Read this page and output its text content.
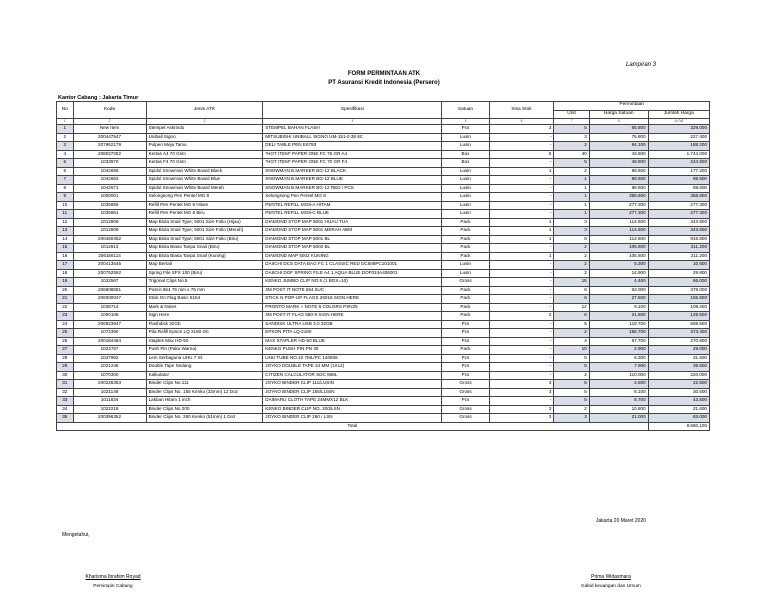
Lampiran 3
FORM PERMINTAAN ATK
PT Asuransi Kredit Indonesia (Persero)
Kantor Cabang : Jakarta Timur
No	Kode	Jenis ATK	Spesifikasi	Satuan	Sisa Stok	Permintaan		
						Unit	Harga Satuan	Jumlah Harga
1	2	3	4	5	6	7	8	9=7x8
1	New Item	Stempel Askrindo	STEMPEL BAHAN FLASH	Pcs	3	5	65.800	329.000
2	200447547	Uniball Signo	MITSUBISHI UNIBALL SIGNO UM-151-0.38 6C	Lusin	-	3	75.800	227.400
3	207962179	Pulpen Meja Tamu	DELI TABLE PEN E6793	Lusin	-	2	94.100	188.200
4	208027052	Kertas A4 70 Gsm	*HOT ITEM* PAPER ONE FC 75 GR A4	Box	5	40	43.600	1.744.000
5	1033970	Kertas F4 70 Gsm	*HOT ITEM* PAPER ONE FC 70 GR F4	Box	-	5	48.900	244.500
6	1042659	Spidol Snowman White Board Black	SNOWMAN B.MARKER BG-12 BLACK	Lusin	1	2	88.600	177.200
7	1042663	Spidol Snowman White Board Blue	SNOWMAN B.MARKER BG-12 BLUE	Lusin	-	1	88.600	88.600
8	1042671	Spidol Snowman White Board Merah	SNOWMAN B.MARKER BG-12 RED / PCS	Lusin	-	1	88.600	88.600
9	1000001	Selongsong Pen Pentel MG 8	Selongsong Pen Pentel MG 8	Lusin	-	1	358.600	358.600
10	1035859	Refill Pen Pentel MG 8 Hitam	PENTEL REFILL MG8-A HITAM	Lusin	-	1	277.300	277.300
11	1035861	Refill Pen Pentel MG 8 Biru	PENTEL REFILL MG8-C BLUE	Lusin	-	1	277.300	277.300
12	1012806	Map Biola Snail Type; 5001 Size Folio (Hijau)	DIAMOND STOP MAP 5001 HIJAU TUA	Pack	1	3	114.600	343.800
13	1012809	Map Biola Snail Type; 5001 Size Folio (Merah)	DIAMOND STOP MAP 5001 MERAH ABM	Pack	1	3	114.600	343.800
14	200460452	Map Biola Snail Type; 5001 Size Folio (Biru)	DIAMOND STOP MAP 5001 BL	Pack	1	8	114.600	916.800
15	1012813	Map Biola Biasa Tanpa Snail (Biru)	DIAMOND STOP MAP 5002 BL	Pack	-	2	105.600	211.200
16	206166114	Map Biola Biasa Tanpa Snail (Kuning)	DIAMOND MAP 5002 KUNING	Pack	1	2	105.600	211.200
17	200413545	Map Bertali	DAIICHI DCS DATA BAG FC 1 CLASSIC RED DC508PC101001	Lusin	-	2	5.300	10.600
18	200752552	Spring File SFX 100 (Biru)	DAIICHI DOF SPRING FILE A4 1 AQUA BLUE DOF024A406001	Lusin	-	2	14.900	29.800
19	1022567	Trigonal Clips No.5	KENKO JUMBO CLIP NO.5 (1 BOX=10)	Gross	-	15	4.400	66.000
20	206808581	Post-it 654 76 mm x 76 mm	3M POST IT NOTE 654 5UC	Pack	-	6	63.000	378.000
21	206000047	Stick On Flag Basic 5154	STICK N POP-UP FLAGS 26016 SIGN HERE	Pack	-	6	27.600	165.600
22	1038714	Mark & Notes	PRONTO MARK + NOTE 6 COLORS PSN25	Pack	-	12	9.100	109.200
23	1000108	Sign Here	3M POST-IT FLAG 680-9 SIGN HERE	Pack	2	6	21.600	129.600
24	206923947	Flashdisk 32Gb	SANDISK ULTRA USB 3.0 32GB	Pcs	-	5	119.700	598.500
25	1072390	Pita Refill Epson LQ 2180 Ori	EPSON PITA LQ-2180	Pcs	-	2	186.700	373.400
26	200184484	Staples Max HD-50	MAX STAPLER HD-50 BLUE	Pcs	-	4	67.700	270.800
27	1022767	Push Pin (Paku Warna)	KENKO PUSH PIN PN 30	Pack	-	10	2.900	29.000
28	1047962	Lem Serbaguna UHU 7 ml	UHU TUBE NO.10 7ML/PC 140806	Pcs	-	5	6.300	31.500
29	1021246	Double Tape Sedang	JOYKO DOUBLE TAPE 24 MM (1X12)	Pcs	-	5	7.900	39.500
30	1070300	Kalkulator	CITIZEN CALCULATOR SDC 868L	Pcs	-	2	110.000	220.000
31	200228363	Binder Clips No.111	JOYKO BINDER CLIP 111/LUSIN	Gross	3	5	4.500	22.500
32	1021148	Binder Clips No. 155 Kenko (32mm) 12 Doz	JOYKO BINDER CLIP 155/LUSIN	Gross	3	5	6.100	30.500
33	1011834	Lakban Hitam 1 inch	DAIMARU CLOTH TAPE 24MMX12 BLK	Pcs	-	5	8.700	43.500
34	1022218	Binder Clips No.200	KENKO BINDER CLIP NO. 200/LSN	Gross	3	2	10.800	21.600
35	200396352	Binder Clips No. 260 Kenko (51mm) 1 Doz	JOYKO BINDER CLIP 260 / LSN	Gross	3	3	21.000	63.000
Total								8.660.100
Jakarta 20 Maret 2020
Mengetahui,
Kharisma Ibrahim Royad
Pemimpin Cabang
Prima Widasmara
Kabid keuangan dan Umum
